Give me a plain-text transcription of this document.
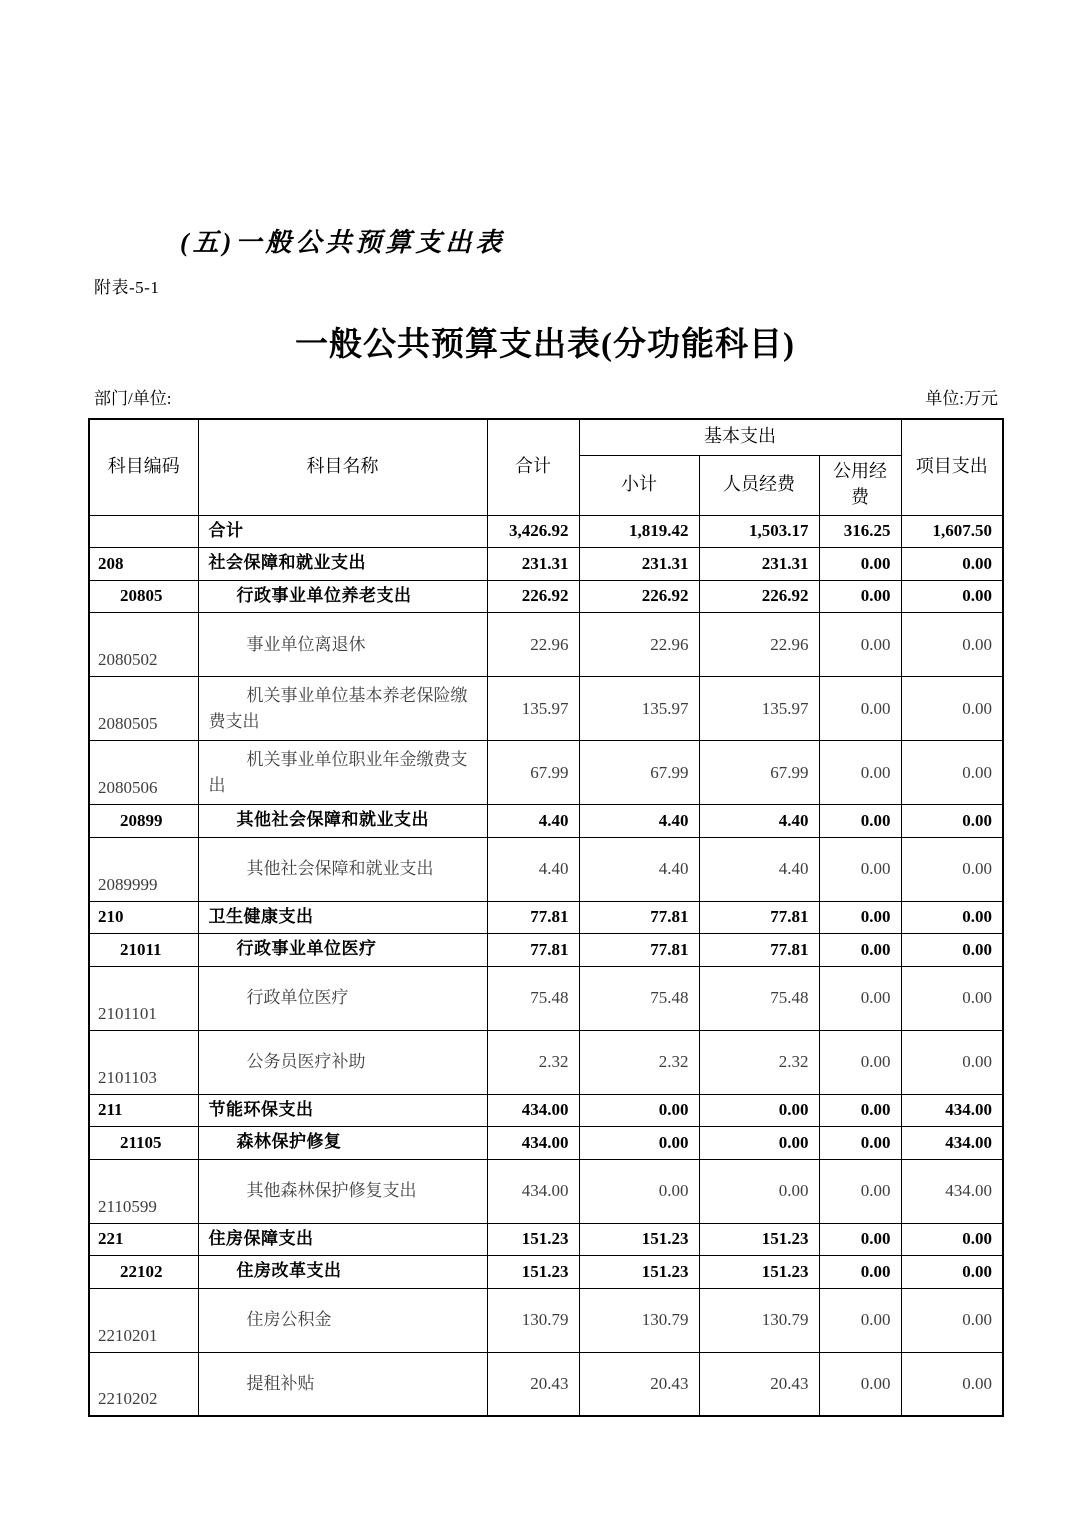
(五)一般公共预算支出表
附表-5-1
一般公共预算支出表(分功能科目)
部门/单位:	单位:万元
科目编码	科目名称	合计	基本支出			项目支出
			小计	人员经费	公用经费	
	合计	3,426.92	1,819.42	1,503.17	316.25	1,607.50
208	社会保障和就业支出	231.31	231.31	231.31	0.00	0.00
20805	行政事业单位养老支出	226.92	226.92	226.92	0.00	0.00
2080502	事业单位离退休	22.96	22.96	22.96	0.00	0.00
2080505	机关事业单位基本养老保险缴费支出	135.97	135.97	135.97	0.00	0.00
2080506	机关事业单位职业年金缴费支出	67.99	67.99	67.99	0.00	0.00
20899	其他社会保障和就业支出	4.40	4.40	4.40	0.00	0.00
2089999	其他社会保障和就业支出	4.40	4.40	4.40	0.00	0.00
210	卫生健康支出	77.81	77.81	77.81	0.00	0.00
21011	行政事业单位医疗	77.81	77.81	77.81	0.00	0.00
2101101	行政单位医疗	75.48	75.48	75.48	0.00	0.00
2101103	公务员医疗补助	2.32	2.32	2.32	0.00	0.00
211	节能环保支出	434.00	0.00	0.00	0.00	434.00
21105	森林保护修复	434.00	0.00	0.00	0.00	434.00
2110599	其他森林保护修复支出	434.00	0.00	0.00	0.00	434.00
221	住房保障支出	151.23	151.23	151.23	0.00	0.00
22102	住房改革支出	151.23	151.23	151.23	0.00	0.00
2210201	住房公积金	130.79	130.79	130.79	0.00	0.00
2210202	提租补贴	20.43	20.43	20.43	0.00	0.00
